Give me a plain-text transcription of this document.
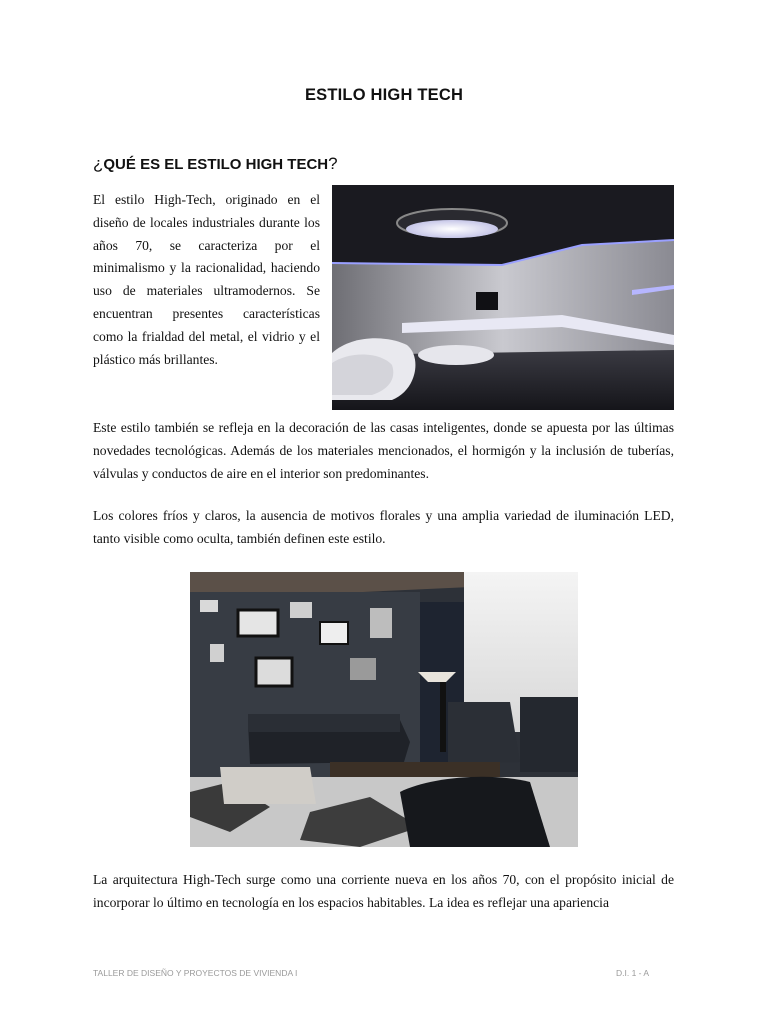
ESTILO HIGH TECH
¿QUÉ ES EL ESTILO HIGH TECH?

El estilo High-Tech, originado en el diseño de locales industriales durante los años 70, se caracteriza por el minimalismo y la racionalidad, haciendo uso de materiales ultramodernos. Se encuentran presentes características como la frialdad del metal, el vidrio y el plástico más brillantes.

Este estilo también se refleja en la decoración de las casas inteligentes, donde se apuesta por las últimas novedades tecnológicas. Además de los materiales mencionados, el hormigón y la inclusión de tuberías, válvulas y conductos de aire en el interior son predominantes.

Los colores fríos y claros, la ausencia de motivos florales y una amplia variedad de iluminación LED, tanto visible como oculta, también definen este estilo.

La arquitectura High-Tech surge como una corriente nueva en los años 70, con el propósito inicial de incorporar lo último en tecnología en los espacios habitables. La idea es reflejar una apariencia

TALLER DE DISEÑO Y PROYECTOS DE VIVIENDA I	D.I. 1 - A
